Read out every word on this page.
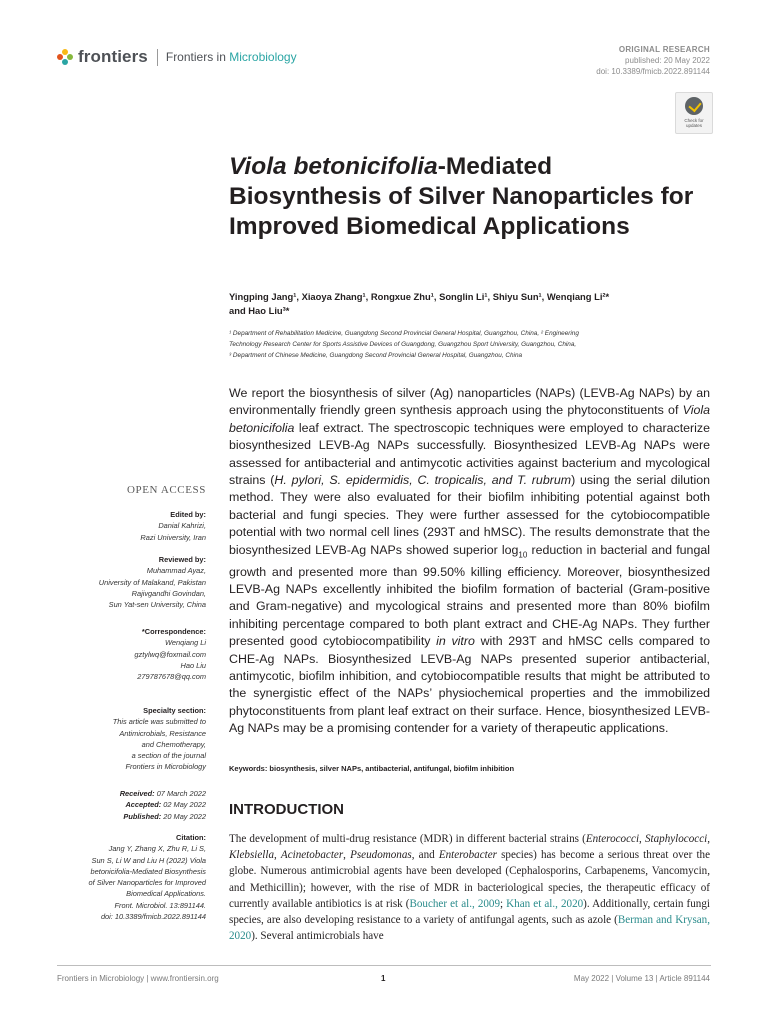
frontiers Frontiers in Microbiology
ORIGINAL RESEARCH
published: 20 May 2022
doi: 10.3389/fmicb.2022.891144
Check for updates
Viola betonicifolia-Mediated Biosynthesis of Silver Nanoparticles for Improved Biomedical Applications
Yingping Jang¹, Xiaoya Zhang¹, Rongxue Zhu¹, Songlin Li¹, Shiyu Sun¹, Wenqiang Li²*
and Hao Liu³*
¹ Department of Rehabilitation Medicine, Guangdong Second Provincial General Hospital, Guangzhou, China, ² Engineering
Technology Research Center for Sports Assistive Devices of Guangdong, Guangzhou Sport University, Guangzhou, China,
³ Department of Chinese Medicine, Guangdong Second Provincial General Hospital, Guangzhou, China
OPEN ACCESS
Edited by:
Danial Kahrizi,
Razi University, Iran
Reviewed by:
Muhammad Ayaz,
University of Malakand, Pakistan
Rajivgandhi Govindan,
Sun Yat-sen University, China
*Correspondence:
Wenqiang Li
gztylwq@foxmail.com
Hao Liu
279787678@qq.com
Specialty section:
This article was submitted to
Antimicrobials, Resistance
and Chemotherapy,
a section of the journal
Frontiers in Microbiology
Received: 07 March 2022
Accepted: 02 May 2022
Published: 20 May 2022
Citation:
Jang Y, Zhang X, Zhu R, Li S,
Sun S, Li W and Liu H (2022) Viola
betonicifolia-Mediated Biosynthesis
of Silver Nanoparticles for Improved
Biomedical Applications.
Front. Microbiol. 13:891144.
doi: 10.3389/fmicb.2022.891144
We report the biosynthesis of silver (Ag) nanoparticles (NAPs) (LEVB-Ag NAPs) by an environmentally friendly green synthesis approach using the phytoconstituents of Viola betonicifolia leaf extract. The spectroscopic techniques were employed to characterize biosynthesized LEVB-Ag NAPs successfully. Biosynthesized LEVB-Ag NAPs were assessed for antibacterial and antimycotic activities against bacterium and mycological strains (H. pylori, S. epidermidis, C. tropicalis, and T. rubrum) using the serial dilution method. They were also evaluated for their biofilm inhibiting potential against both bacterial and fungi species. They were further assessed for the cytobiocompatible potential with two normal cell lines (293T and hMSC). The results demonstrate that the biosynthesized LEVB-Ag NAPs showed superior $\log_{10}$ reduction in bacterial and fungal growth and presented more than 99.50% killing efficiency. Moreover, biosynthesized LEVB-Ag NAPs excellently inhibited the biofilm formation of bacterial (Gram-positive and Gram-negative) and mycological strains and presented more than 80% biofilm inhibiting percentage compared to both plant extract and CHE-Ag NAPs. They further presented good cytobiocompatibility in vitro with 293T and hMSC cells compared to CHE-Ag NAPs. Biosynthesized LEVB-Ag NAPs presented superior antibacterial, antimycotic, biofilm inhibition, and cytobiocompatible results that might be attributed to the synergistic effect of the NAPs’ physiochemical properties and the immobilized phytoconstituents from plant leaf extract on their surface. Hence, biosynthesized LEVB-Ag NAPs may be a promising contender for a variety of therapeutic applications.
Keywords: biosynthesis, silver NAPs, antibacterial, antifungal, biofilm inhibition
INTRODUCTION
The development of multi-drug resistance (MDR) in different bacterial strains (Enterococci, Staphylococci, Klebsiella, Acinetobacter, Pseudomonas, and Enterobacter species) has become a serious threat over the globe. Numerous antimicrobial agents have been developed (Cephalosporins, Carbapenems, Vancomycin, and Methicillin); however, with the rise of MDR in bacteriological species, the therapeutic efficacy of currently available antibiotics is at risk (Boucher et al., 2009; Khan et al., 2020). Additionally, certain fungi species, are also developing resistance to a variety of antifungal agents, such as azole (Berman and Krysan, 2020). Several antimicrobials have
Frontiers in Microbiology | www.frontiersin.org	1	May 2022 | Volume 13 | Article 891144
